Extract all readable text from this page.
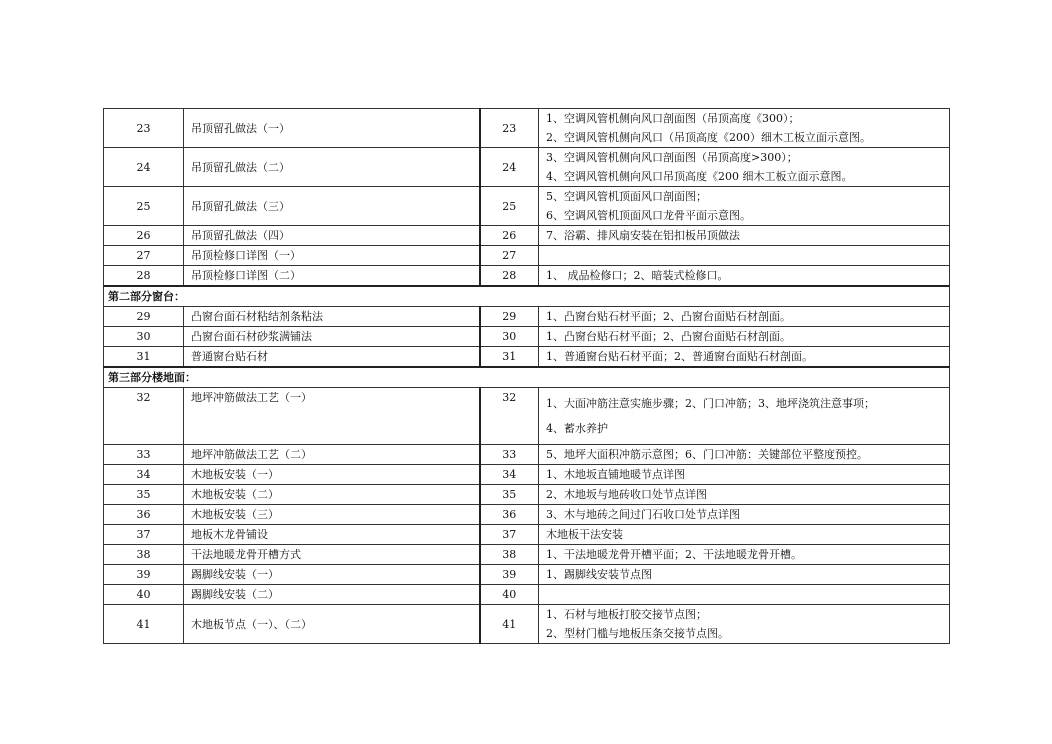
23	吊顶留孔做法（一）	23	1、空调风管机侧向风口剖面图（吊顶高度《300）；
2、空调风管机侧向风口（吊顶高度《200）细木工板立面示意图。

24	吊顶留孔做法（二）	24	3、空调风管机侧向风口剖面图（吊顶高度>300）；
4、空调风管机侧向风口吊顶高度《200 细木工板立面示意图。

25	吊顶留孔做法（三）	25	5、空调风管机顶面风口剖面图；
6、空调风管机顶面风口龙骨平面示意图。

26	吊顶留孔做法（四）	26	7、浴霸、排风扇安装在铝扣板吊顶做法

27	吊顶检修口详图（一）	27	

28	吊顶检修口详图（二）	28	1、 成品检修口；2、暗装式检修口。

第二部分窗台：			
29	凸窗台面石材粘结剂条粘法	29	1、凸窗台贴石材平面；2、凸窗台面贴石材剖面。

30	凸窗台面石材砂浆满铺法	30	1、凸窗台贴石材平面；2、凸窗台面贴石材剖面。

31	普通窗台贴石材	31	1、普通窗台贴石材平面；2、普通窗台面贴石材剖面。

第三部分楼地面：			
32	地坪冲筋做法工艺（一）	32	1、大面冲筋注意实施步骤；2、门口冲筋；3、地坪浇筑注意事项；
4、蓄水养护

33	地坪冲筋做法工艺（二）	33	5、地坪大面积冲筋示意图；6、门口冲筋：关键部位平整度预控。

34	木地板安装（一）	34	1、木地坂直铺地暖节点详图

35	木地板安装（二）	35	2、木地坂与地砖收口处节点详图

36	木地板安装（三）	36	3、木与地砖之间过门石收口处节点详图

37	地板木龙骨铺设	37	木地板干法安装

38	干法地暖龙骨开槽方式	38	1、干法地暖龙骨开槽平面；2、干法地暖龙骨开槽。

39	踢脚线安装（一）	39	1、踢脚线安装节点图

40	踢脚线安装（二）	40	

41	木地板节点（一）、（二）	41	1、石材与地板打胶交接节点图；
2、型材门槛与地板压条交接节点图。
